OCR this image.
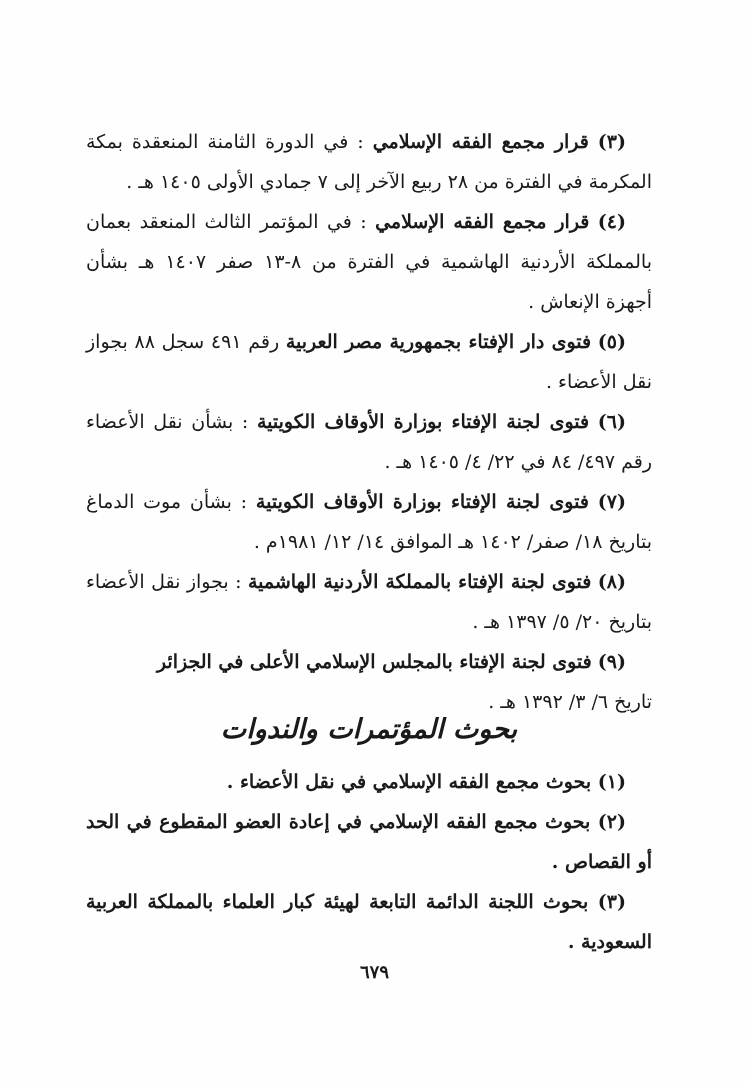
(٣) قرار مجمع الفقه الإسلامي : في الدورة الثامنة المنعقدة بمكة المكرمة في الفترة من ٢٨ ربيع الآخر إلى ٧ جمادي الأولى ١٤٠٥ هـ .

(٤) قرار مجمع الفقه الإسلامي : في المؤتمر الثالث المنعقد بعمان بالمملكة الأردنية الهاشمية في الفترة من ٨-١٣ صفر ١٤٠٧ هـ بشأن أجهزة الإنعاش .

(٥) فتوى دار الإفتاء بجمهورية مصر العربية رقم ٤٩١ سجل ٨٨ بجواز نقل الأعضاء .

(٦) فتوى لجنة الإفتاء بوزارة الأوقاف الكويتية : بشأن نقل الأعضاء رقم ٤٩٧/ ٨٤ في ٢٢/ ٤/ ١٤٠٥ هـ .

(٧) فتوى لجنة الإفتاء بوزارة الأوقاف الكويتية : بشأن موت الدماغ بتاريخ ١٨/ صفر/ ١٤٠٢ هـ الموافق ١٤/ ١٢/ ١٩٨١م .

(٨) فتوى لجنة الإفتاء بالمملكة الأردنية الهاشمية : بجواز نقل الأعضاء بتاريخ ٢٠/ ٥/ ١٣٩٧ هـ .

(٩) فتوى لجنة الإفتاء بالمجلس الإسلامي الأعلى في الجزائر
تاريخ ٦/ ٣/ ١٣٩٢ هـ .

بحوث المؤتمرات والندوات

(١) بحوث مجمع الفقه الإسلامي في نقل الأعضاء .

(٢) بحوث مجمع الفقه الإسلامي في إعادة العضو المقطوع في الحد أو القصاص .

(٣) بحوث اللجنة الدائمة التابعة لهيئة كبار العلماء بالمملكة العربية السعودية .

٦٧٩
